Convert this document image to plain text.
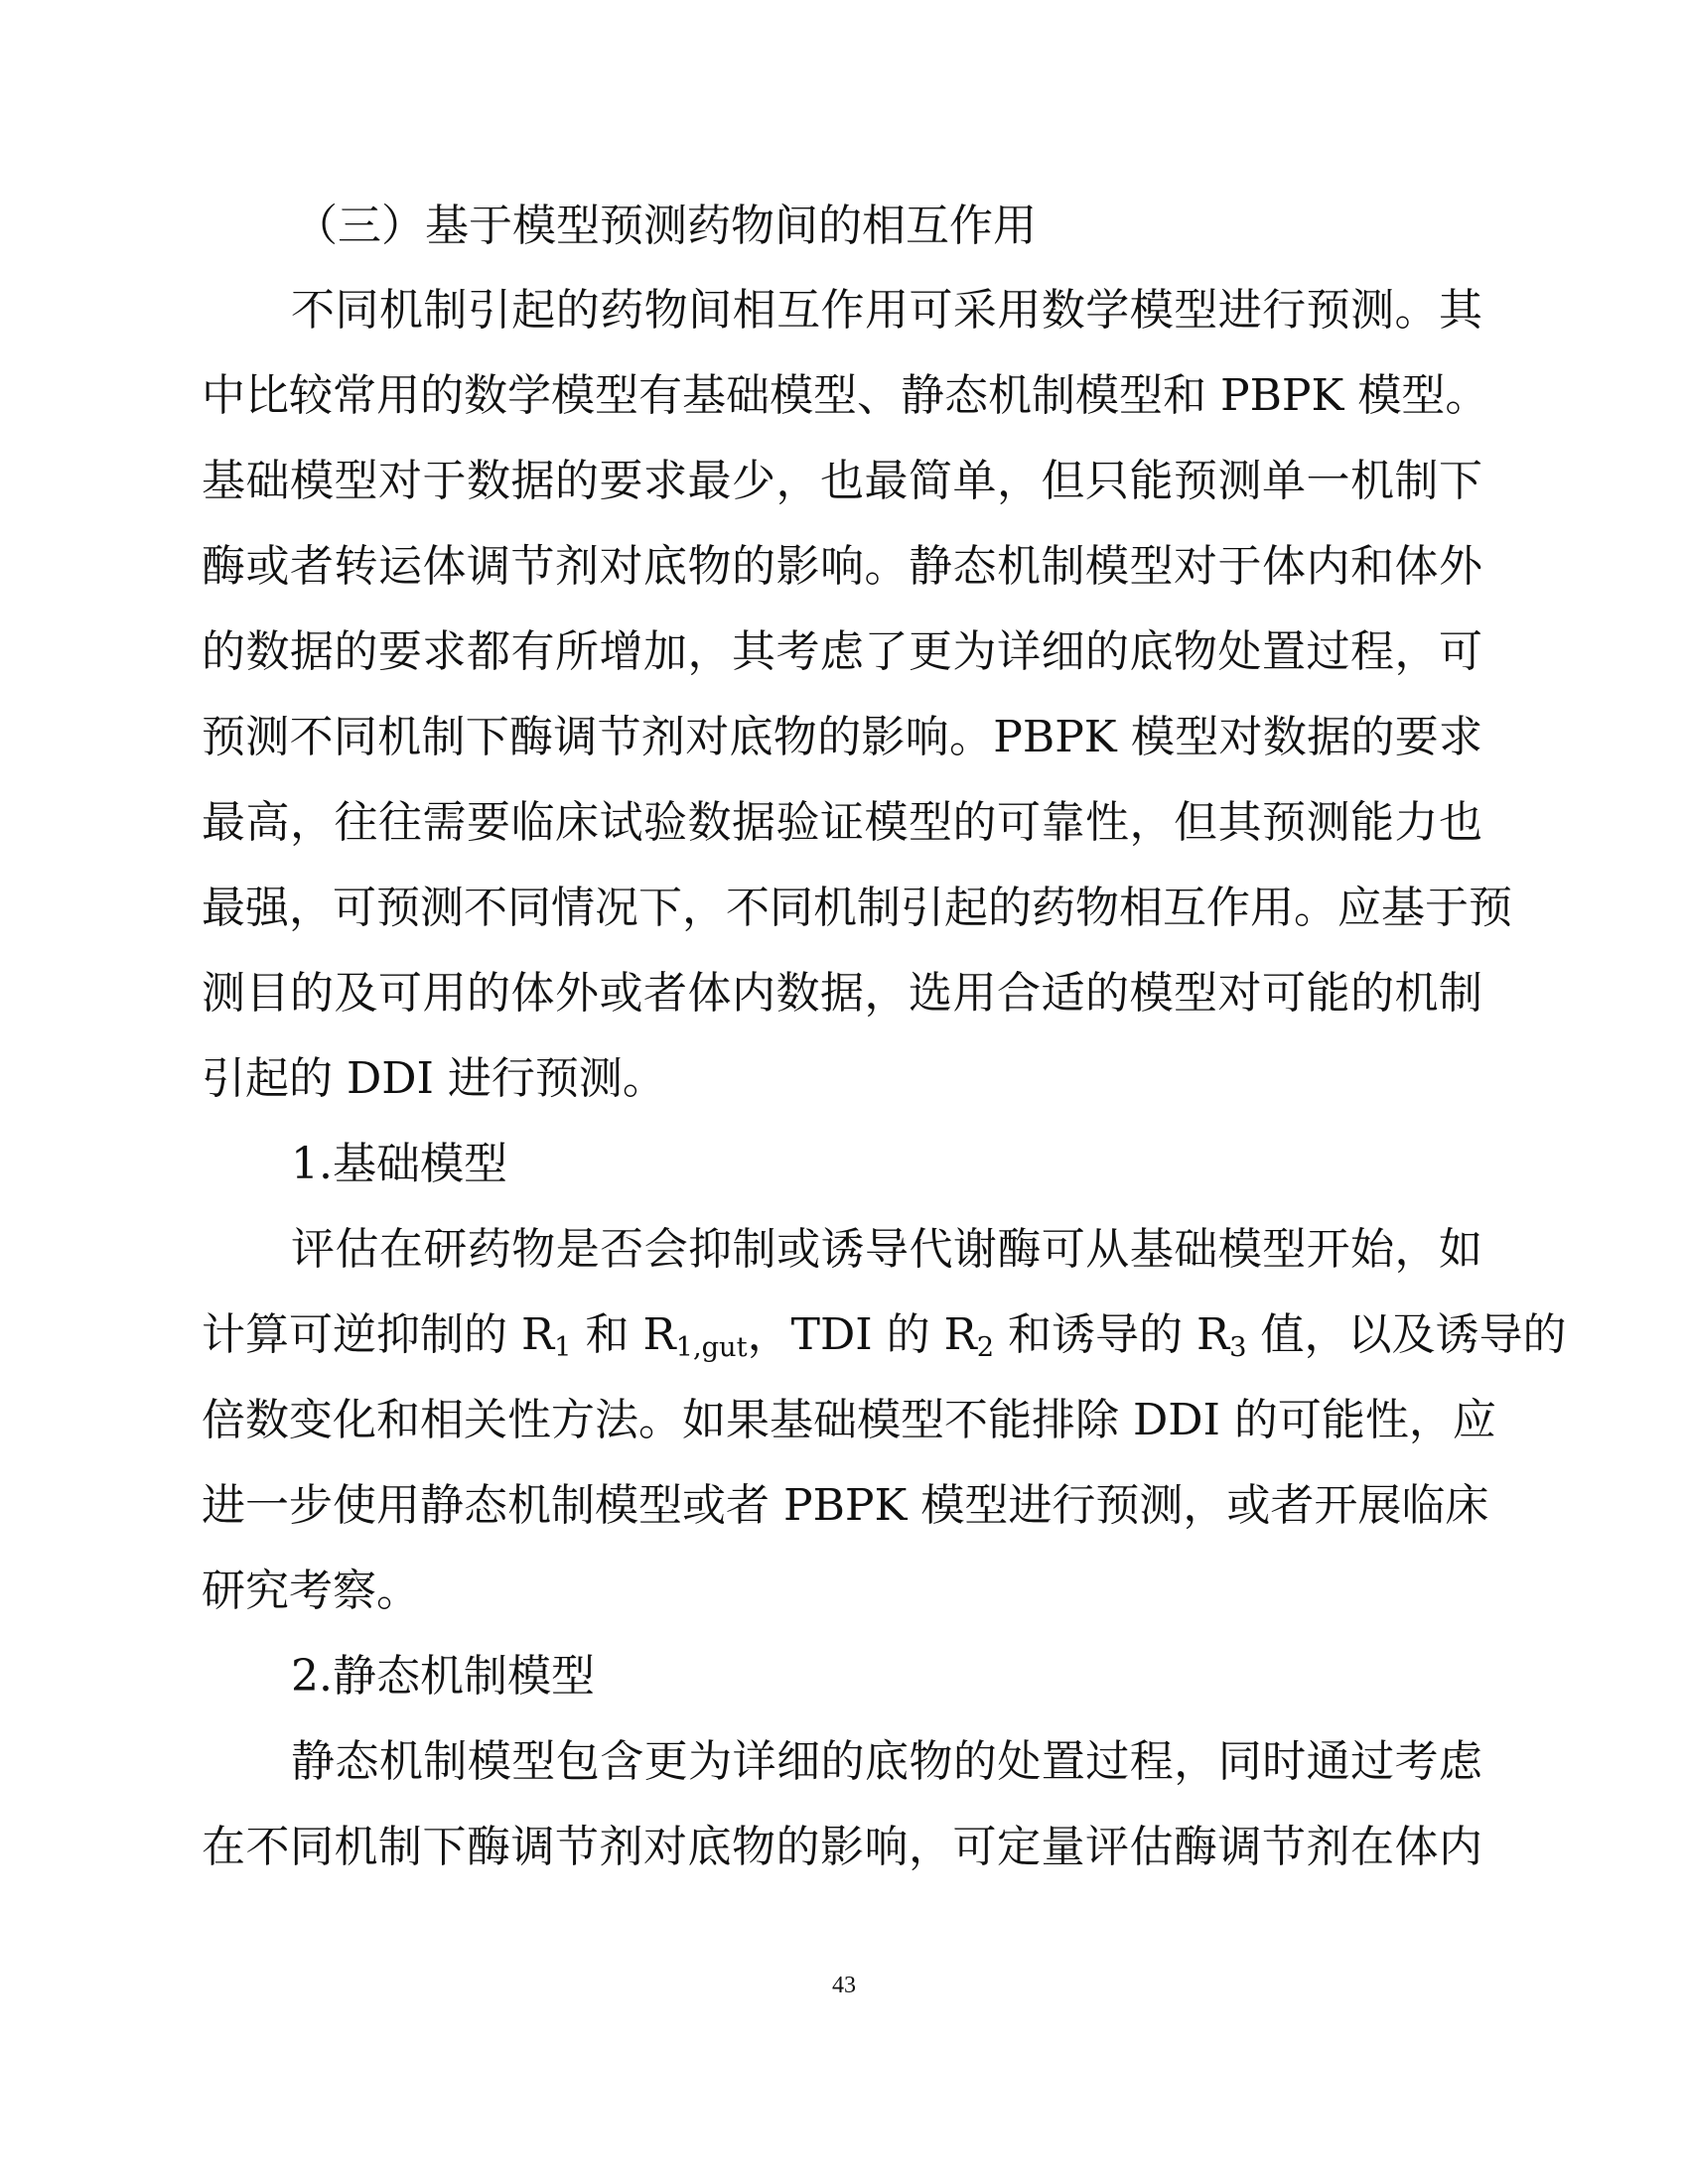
（三）基于模型预测药物间的相互作用
不同机制引起的药物间相互作用可采用数学模型进行预测。其
中比较常用的数学模型有基础模型、静态机制模型和 PBPK 模型。
基础模型对于数据的要求最少，也最简单，但只能预测单一机制下
酶或者转运体调节剂对底物的影响。静态机制模型对于体内和体外
的数据的要求都有所增加，其考虑了更为详细的底物处置过程，可
预测不同机制下酶调节剂对底物的影响。PBPK 模型对数据的要求
最高，往往需要临床试验数据验证模型的可靠性，但其预测能力也
最强，可预测不同情况下，不同机制引起的药物相互作用。应基于预
测目的及可用的体外或者体内数据，选用合适的模型对可能的机制
引起的 DDI 进行预测。
1.基础模型
评估在研药物是否会抑制或诱导代谢酶可从基础模型开始，如
计算可逆抑制的 $R_1$ 和 $R_{1,gut}$，TDI 的 $R_2$ 和诱导的 $R_3$ 值，以及诱导的
倍数变化和相关性方法。如果基础模型不能排除 DDI 的可能性，应
进一步使用静态机制模型或者 PBPK 模型进行预测，或者开展临床
研究考察。
2.静态机制模型
静态机制模型包含更为详细的底物的处置过程，同时通过考虑
在不同机制下酶调节剂对底物的影响，可定量评估酶调节剂在体内
43
